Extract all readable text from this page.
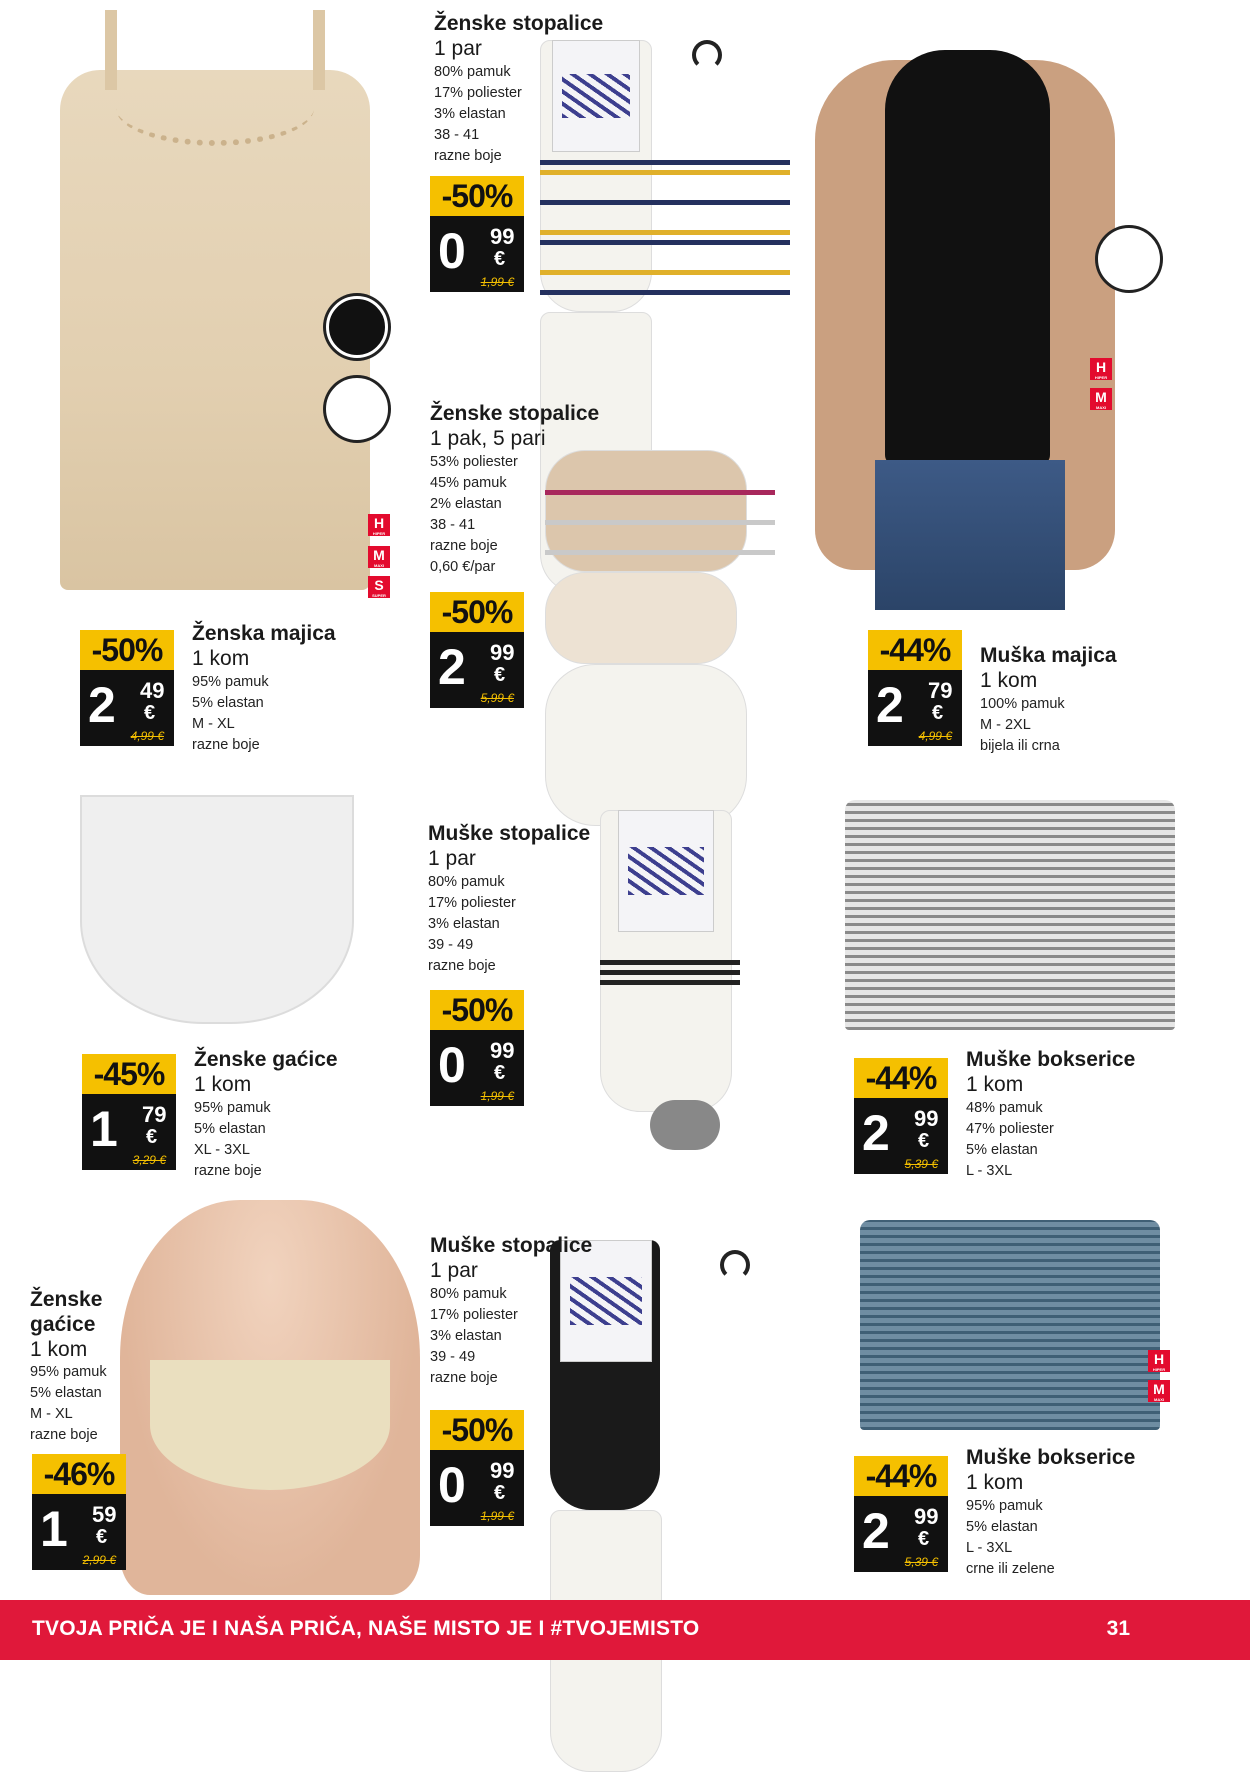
H
HIPER
M
MAXI
S
SUPER
H
HIPER
M
MAXI
H
HIPER
M
MAXI
Ženske stopalice
1 par
80% pamuk
17% poliester
3% elastan
38 - 41
razne boje
-50%
0 99
€
1,99 €
Ženske stopalice
1 pak, 5 pari
53% poliester
45% pamuk
2% elastan
38 - 41
razne boje
0,60 €/par
-50%
2 99
€
5,99 €
-50%
2 49
€
4,99 €
Ženska majica
1 kom
95% pamuk
5% elastan
M - XL
razne boje
-44%
2 79
€
4,99 €
Muška majica
1 kom
100% pamuk
M - 2XL
bijela ili crna
Muške stopalice
1 par
80% pamuk
17% poliester
3% elastan
39 - 49
razne boje
-50%
0 99
€
1,99 €
-45%
1 79
€
3,29 €
Ženske gaćice
1 kom
95% pamuk
5% elastan
XL - 3XL
razne boje
-44%
2 99
€
5,39 €
Muške bokserice
1 kom
48% pamuk
47% poliester
5% elastan
L - 3XL
Muške stopalice
1 par
80% pamuk
17% poliester
3% elastan
39 - 49
razne boje
-50%
0 99
€
1,99 €
Ženske
gaćice
1 kom
95% pamuk
5% elastan
M - XL
razne boje
-46%
1 59
€
2,99 €
-44%
2 99
€
5,39 €
Muške bokserice
1 kom
95% pamuk
5% elastan
L - 3XL
crne ili zelene
TVOJA PRIČA JE I NAŠA PRIČA, NAŠE MISTO JE I #TVOJEMISTO	31
